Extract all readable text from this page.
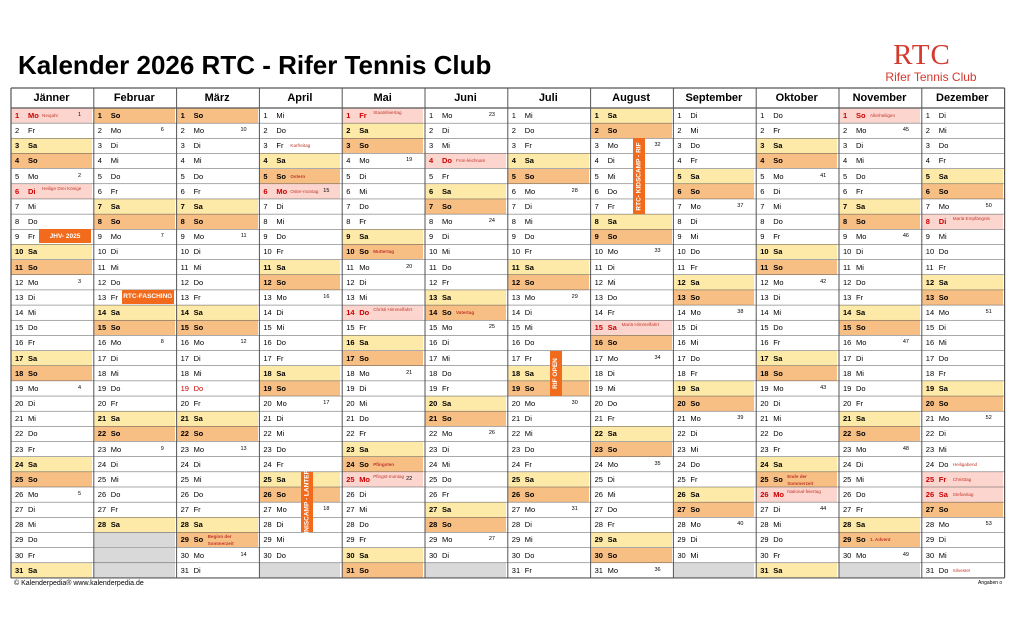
Kalender 2026 RTC - Rifer Tennis Club	RTC
Rifer Tennis Club
Jänner
1 Mo Neujahr	1
2 Fr
3 Sa
4 So
5 Mo	2
6 Di Heilige Drei Könige
7 Mi
8 Do
9 Fr
10 Sa
11 So
12 Mo	3
13 Di
14 Mi
15 Do
16 Fr
17 Sa
18 So
19 Mo	4
20 Di
21 Mi
22 Do
23 Fr
24 Sa
25 So
26 Mo	5
27 Di
28 Mi
29 Do
30 Fr
31 Sa
Februar
1 So
2 Mo	6
3 Di
4 Mi
5 Do
6 Fr
7 Sa
8 So
9 Mo	7
10 Di
11 Mi
12 Do
13 Fr
14 Sa
15 So
16 Mo	8
17 Di
18 Mi
19 Do
20 Fr
21 Sa
22 So
23 Mo	9
24 Di
25 Mi
26 Do
27 Fr
28 Sa
März
1 So
2 Mo	10
3 Di
4 Mi
5 Do
6 Fr
7 Sa
8 So
9 Mo	11
10 Di
11 Mi
12 Do
13 Fr
14 Sa
15 So
16 Mo	12
17 Di
18 Mi
19 Do
20 Fr
21 Sa
22 So
23 Mo	13
24 Di
25 Mi
26 Do
27 Fr
28 Sa
29 So Beginn der Sommerzeit
30 Mo	14
31 Di
April
1 Mi
2 Do
3 Fr Karfreitag
4 Sa
5 So Ostern
6 Mo Oster-montag 15
7 Di
8 Mi
9 Do
10 Fr
11 Sa
12 So
13 Mo	16
14 Di
15 Mi
16 Do
17 Fr
18 Sa
19 So
20 Mo	17
21 Di
22 Mi
23 Do
24 Fr
25 Sa
26 So
27 Mo	18
28 Di
29 Mi
30 Do
Mai
1 Fr Staatsfeiertag
2 Sa
3 So
4 Mo	19
5 Di
6 Mi
7 Do
8 Fr
9 Sa
10 So Muttertag
11 Mo	20
12 Di
13 Mi
14 Do Christi Himmelfahrt
15 Fr
16 Sa
17 So
18 Mo	21
19 Di
20 Mi
21 Do
22 Fr
23 Sa
24 So Pfingsten
25 Mo Pfingst-montag 22
26 Di
27 Mi
28 Do
29 Fr
30 Sa
31 So
Juni
1 Mo	23
2 Di
3 Mi
4 Do Fron-leichnam
5 Fr
6 Sa
7 So
8 Mo	24
9 Di
10 Mi
11 Do
12 Fr
13 Sa
14 So Vatertag
15 Mo	25
16 Di
17 Mi
18 Do
19 Fr
20 Sa
21 So
22 Mo	26
23 Di
24 Mi
25 Do
26 Fr
27 Sa
28 So
29 Mo	27
30 Di
Juli
1 Mi
2 Do
3 Fr
4 Sa
5 So
6 Mo	28
7 Di
8 Mi
9 Do
10 Fr
11 Sa
12 So
13 Mo	29
14 Di
15 Mi
16 Do
17 Fr
18 Sa
19 So
20 Mo	30
21 Di
22 Mi
23 Do
24 Fr
25 Sa
26 So
27 Mo	31
28 Di
29 Mi
30 Do
31 Fr
August
1 Sa
2 So
3 Mo	32
4 Di
5 Mi
6 Do
7 Fr
8 Sa
9 So
10 Mo	33
11 Di
12 Mi
13 Do
14 Fr
15 Sa Mariä Himmelfahrt
16 So
17 Mo	34
18 Di
19 Mi
20 Do
21 Fr
22 Sa
23 So
24 Mo	35
25 Di
26 Mi
27 Do
28 Fr
29 Sa
30 So
31 Mo	36
September
1 Di
2 Mi
3 Do
4 Fr
5 Sa
6 So
7 Mo	37
8 Di
9 Mi
10 Do
11 Fr
12 Sa
13 So
14 Mo	38
15 Di
16 Mi
17 Do
18 Fr
19 Sa
20 So
21 Mo	39
22 Di
23 Mi
24 Do
25 Fr
26 Sa
27 So
28 Mo	40
29 Di
30 Mi
Oktober
1 Do
2 Fr
3 Sa
4 So
5 Mo	41
6 Di
7 Mi
8 Do
9 Fr
10 Sa
11 So
12 Mo	42
13 Di
14 Mi
15 Do
16 Fr
17 Sa
18 So
19 Mo	43
20 Di
21 Mi
22 Do
23 Fr
24 Sa
25 So Ende der Sommerzeit
26 Mo National-feiertag
27 Di	44
28 Mi
29 Do
30 Fr
31 Sa
November
1 So Allerheiligen
2 Mo	45
3 Di
4 Mi
5 Do
6 Fr
7 Sa
8 So
9 Mo	46
10 Di
11 Mi
12 Do
13 Fr
14 Sa
15 So
16 Mo	47
17 Di
18 Mi
19 Do
20 Fr
21 Sa
22 So
23 Mo	48
24 Di
25 Mi
26 Do
27 Fr
28 Sa
29 So 1. Advent
30 Mo	49
Dezember
1 Di
2 Mi
3 Do
4 Fr
5 Sa
6 So
7 Mo	50
8 Di Mariä Empfängnis
9 Mi
10 Do
11 Fr
12 Sa
13 So
14 Mo	51
15 Di
16 Mi
17 Do
18 Fr
19 Sa
20 So
21 Mo	52
22 Di
23 Mi
24 Do Heiligabend
25 Fr Christtag
26 Sa Stefanitag
27 So
28 Mo	53
29 Di
30 Mi
31 Do Silvester
JHV- 2025
RTC-FASCHING
TENNISCAMP - LANTERNA
RIF OPEN
RTC- KIDSCAMP - RIF
© Kalenderpedia® www.kalenderpedia.de	Angaben o
